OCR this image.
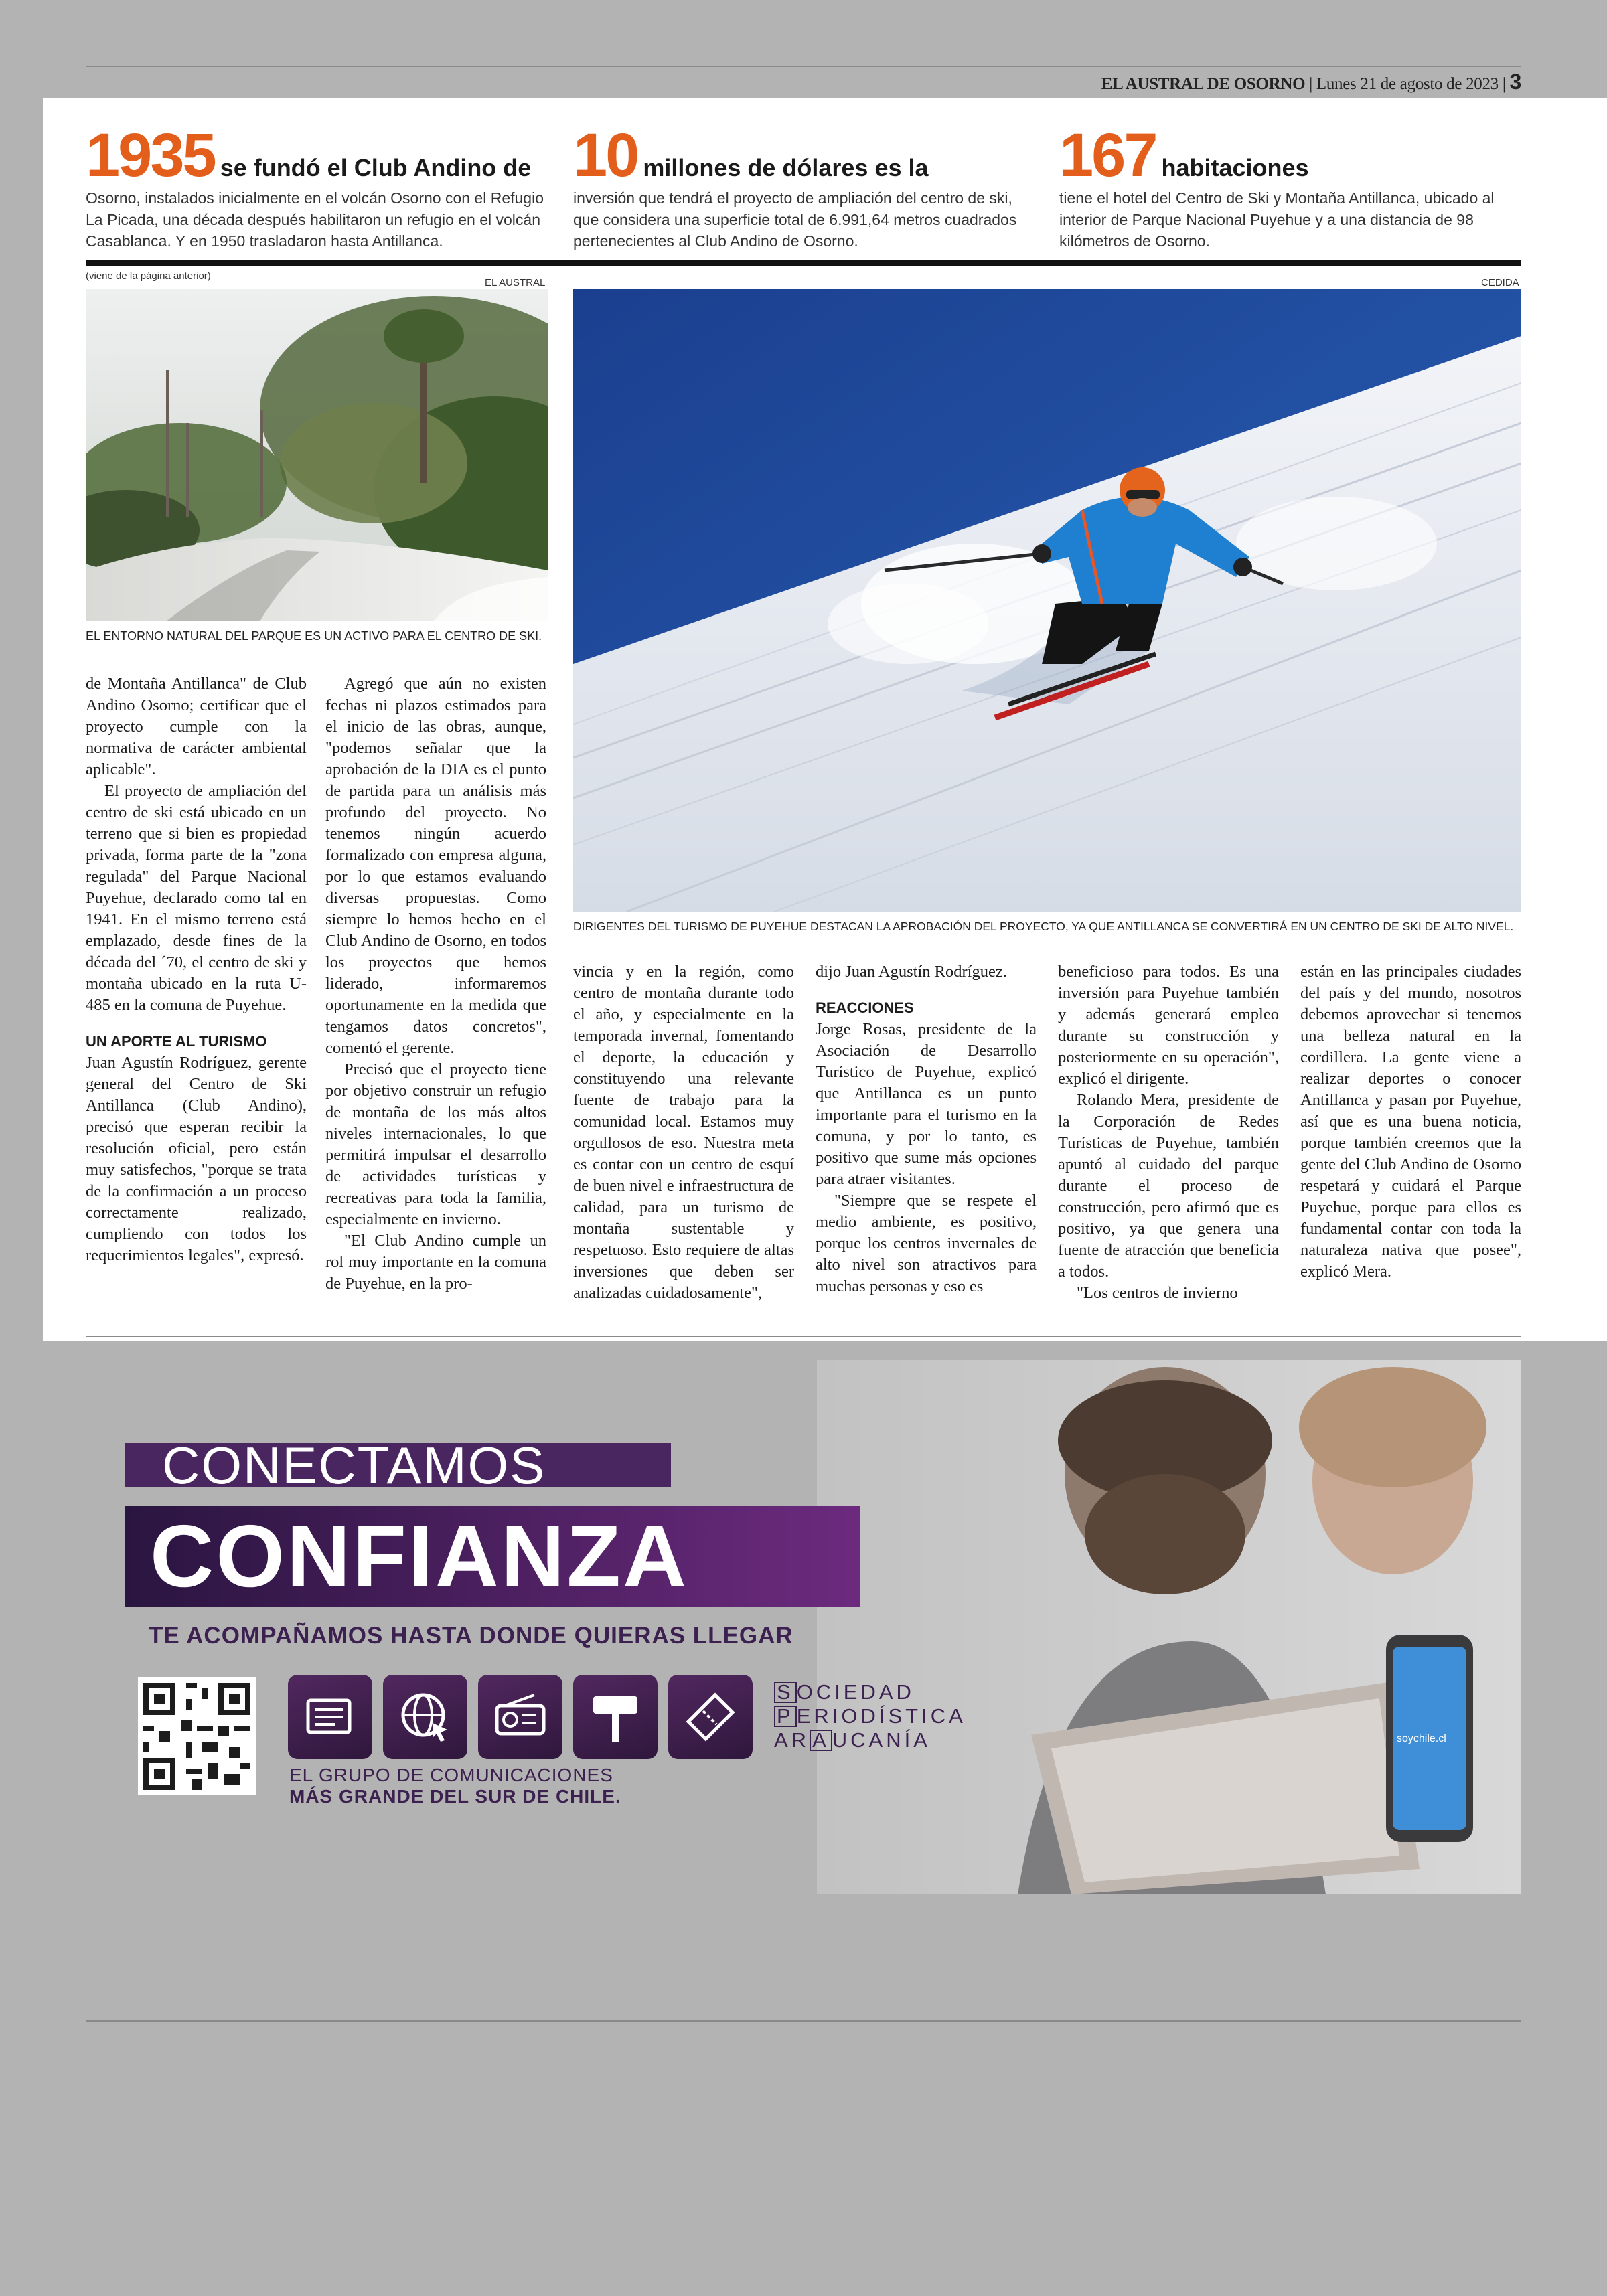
EL AUSTRAL DE OSORNO | Lunes 21 de agosto de 2023 | 3
1935 se fundó el Club Andino de
Osorno, instalados inicialmente en el volcán Osorno con el Refugio La Picada, una década después habilitaron un refugio en el volcán Casablanca. Y en 1950 trasladaron hasta Antillanca.
10 millones de dólares es la
inversión que tendrá el proyecto de ampliación del centro de ski, que considera una superficie total de 6.991,64 metros cuadrados pertenecientes al Club Andino de Osorno.
167 habitaciones
tiene el hotel del Centro de Ski y Montaña Antillanca, ubicado al interior de Parque Nacional Puyehue y a una distancia de 98 kilómetros de Osorno.
(viene de la página anterior)
EL AUSTRAL	CEDIDA
EL ENTORNO NATURAL DEL PARQUE ES UN ACTIVO PARA EL CENTRO DE SKI.
DIRIGENTES DEL TURISMO DE PUYEHUE DESTACAN LA APROBACIÓN DEL PROYECTO, YA QUE ANTILLANCA SE CONVERTIRÁ EN UN CENTRO DE SKI DE ALTO NIVEL.

de Montaña Antillanca" de Club Andino Osorno; certificar que el proyecto cumple con la normativa de carácter ambiental aplicable".

El proyecto de ampliación del centro de ski está ubicado en un terreno que si bien es propiedad privada, forma parte de la "zona regulada" del Parque Nacional Puyehue, declarado como tal en 1941. En el mismo terreno está emplazado, desde fines de la década del ´70, el centro de ski y montaña ubicado en la ruta U-485 en la comuna de Puyehue.

UN APORTE AL TURISMO

Juan Agustín Rodríguez, gerente general del Centro de Ski Antillanca (Club Andino), precisó que esperan recibir la resolución oficial, pero están muy satisfechos, "porque se trata de la confirmación a un proceso correctamente realizado, cumpliendo con todos los requerimientos legales", expresó.

Agregó que aún no existen fechas ni plazos estimados para el inicio de las obras, aunque, "podemos señalar que la aprobación de la DIA es el punto de partida para un análisis más profundo del proyecto. No tenemos ningún acuerdo formalizado con empresa alguna, por lo que estamos evaluando diversas propuestas. Como siempre lo hemos hecho en el Club Andino de Osorno, en todos los proyectos que hemos liderado, informaremos oportunamente en la medida que tengamos datos concretos", comentó el gerente.

Precisó que el proyecto tiene por objetivo construir un refugio de montaña de los más altos niveles internacionales, lo que permitirá impulsar el desarrollo de actividades turísticas y recreativas para toda la familia, especialmente en invierno.

"El Club Andino cumple un rol muy importante en la comuna de Puyehue, en la pro-

vincia y en la región, como centro de montaña durante todo el año, y especialmente en la temporada invernal, fomentando el deporte, la educación y constituyendo una relevante fuente de trabajo para la comunidad local. Estamos muy orgullosos de eso. Nuestra meta es contar con un centro de esquí de buen nivel e infraestructura de calidad, para un turismo de montaña sustentable y respetuoso. Esto requiere de altas inversiones que deben ser analizadas cuidadosamente",

dijo Juan Agustín Rodríguez.

REACCIONES

Jorge Rosas, presidente de la Asociación de Desarrollo Turístico de Puyehue, explicó que Antillanca es un punto importante para el turismo en la comuna, y por lo tanto, es positivo que sume más opciones para atraer visitantes.

"Siempre que se respete el medio ambiente, es positivo, porque los centros invernales de alto nivel son atractivos para muchas personas y eso es

beneficioso para todos. Es una inversión para Puyehue también y además generará empleo durante su construcción y posteriormente en su operación", explicó el dirigente.

Rolando Mera, presidente de la Corporación de Redes Turísticas de Puyehue, también apuntó al cuidado del parque durante el proceso de construcción, pero afirmó que es positivo, ya que genera una fuente de atracción que beneficia a todos.

"Los centros de invierno

están en las principales ciudades del país y del mundo, nosotros debemos aprovechar si tenemos una belleza natural en la cordillera. La gente viene a realizar deportes o conocer Antillanca y pasan por Puyehue, así que es una buena noticia, porque también creemos que la gente del Club Andino de Osorno respetará y cuidará el Parque Puyehue, porque para ellos es fundamental contar con toda la naturaleza nativa que posee", explicó Mera.

soychile.cl
CONECTAMOS
CONFIANZA
TE ACOMPAÑAMOS HASTA DONDE QUIERAS LLEGAR
EL GRUPO DE COMUNICACIONES
MÁS GRANDE DEL SUR DE CHILE.
S OCIEDAD
P ERIODÍSTICA
AR A UCANÍA
